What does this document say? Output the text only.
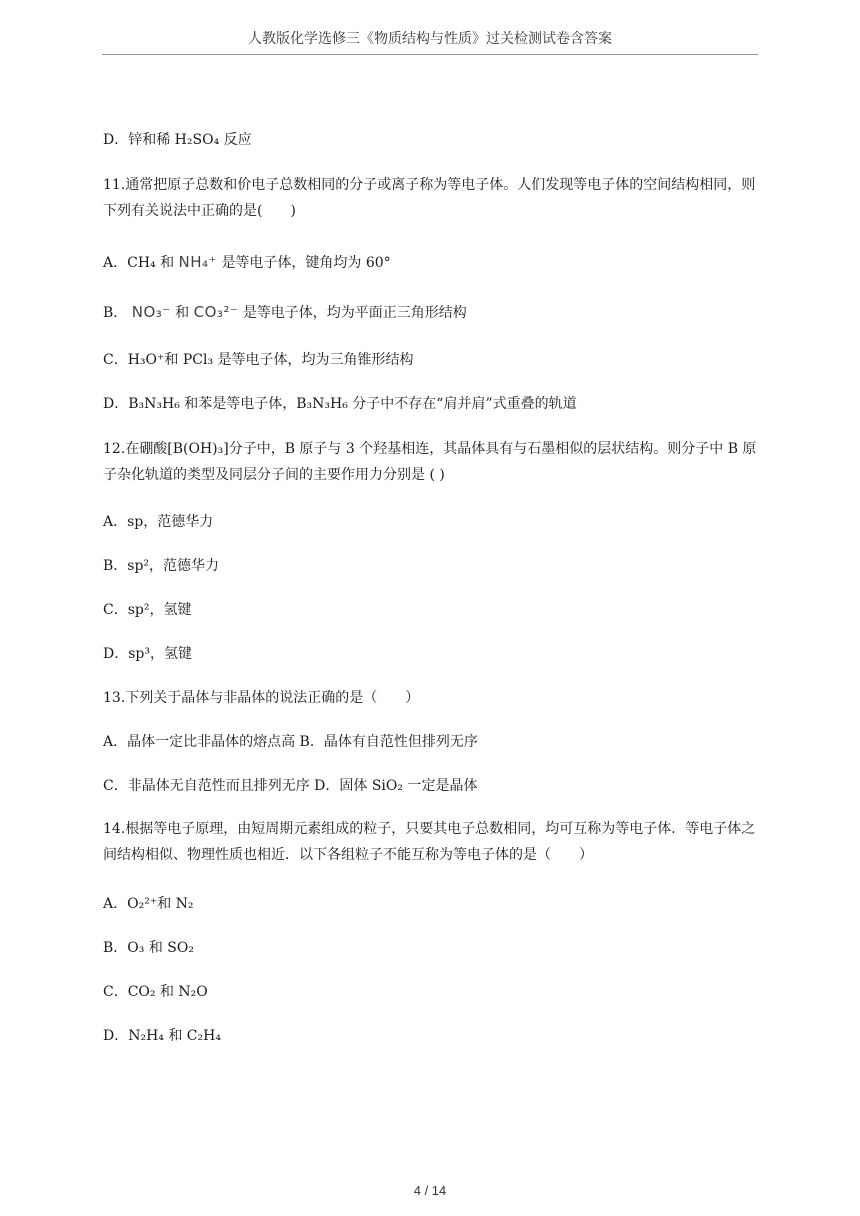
人教版化学选修三《物质结构与性质》过关检测试卷含答案
D．锌和稀 H₂SO₄ 反应
11.通常把原子总数和价电子总数相同的分子或离子称为等电子体。人们发现等电子体的空间结构相同，则下列有关说法中正确的是(　　)
A．CH₄ 和 NH₄⁺ 是等电子体，键角均为 60°
B． NO₃⁻ 和 CO₃²⁻ 是等电子体，均为平面正三角形结构
C．H₃O⁺和 PCl₃ 是等电子体，均为三角锥形结构
D．B₃N₃H₆ 和苯是等电子体，B₃N₃H₆ 分子中不存在“肩并肩”式重叠的轨道
12.在硼酸[B(OH)₃]分子中，B 原子与 3 个羟基相连，其晶体具有与石墨相似的层状结构。则分子中 B 原子杂化轨道的类型及同层分子间的主要作用力分别是 ( )
A．sp，范德华力
B．sp²，范德华力
C．sp²，氢键
D．sp³，氢键
13.下列关于晶体与非晶体的说法正确的是（　　）
A．晶体一定比非晶体的熔点高 B．晶体有自范性但排列无序
C．非晶体无自范性而且排列无序 D．固体 SiO₂ 一定是晶体
14.根据等电子原理，由短周期元素组成的粒子，只要其电子总数相同，均可互称为等电子体．等电子体之间结构相似、物理性质也相近．以下各组粒子不能互称为等电子体的是（　　）
A．O₂²⁺和 N₂
B．O₃ 和 SO₂
C．CO₂ 和 N₂O
D．N₂H₄ 和 C₂H₄
4 / 14
